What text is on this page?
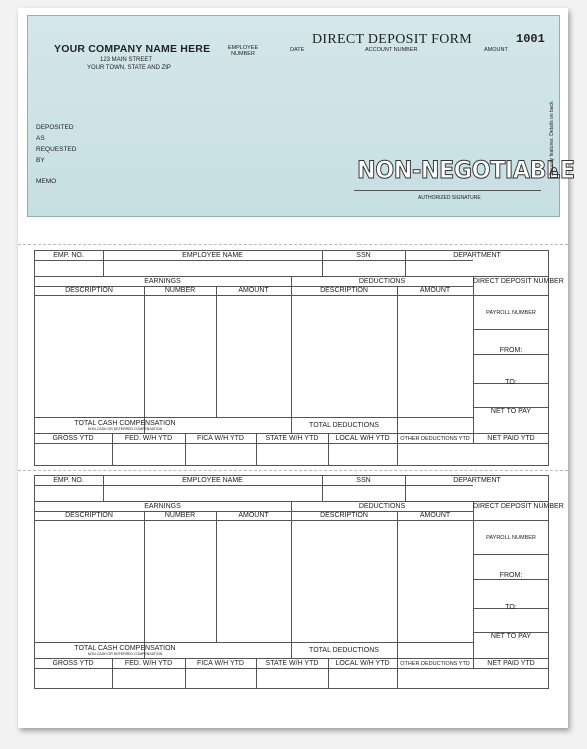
YOUR COMPANY NAME HERE
123 MAIN STREET
YOUR TOWN, STATE AND ZIP
EMPLOYEE NUMBER
DIRECT DEPOSIT FORM	1001
DATE	ACCOUNT NUMBER	AMOUNT
DEPOSITED
AS
REQUESTED
BY
MEMO	NON-NEGOTIABLE
AUTHORIZED SIGNATURE
Security features. Details on back.
EMP. NO.	EMPLOYEE NAME	SSN	DEPARTMENT
EARNINGS	DEDUCTIONS	DIRECT DEPOSIT NUMBER
DESCRIPTION	NUMBER	AMOUNT	DESCRIPTION	AMOUNT
PAYROLL NUMBER
FROM:
TO:
NET TO PAY
TOTAL CASH COMPENSATION
NON-CASH OR DEFERRED COMPENSATION	TOTAL DEDUCTIONS
GROSS YTD	FED. W/H YTD	FICA W/H YTD	STATE W/H YTD	LOCAL W/H YTD	OTHER DEDUCTIONS YTD	NET PAID YTD
EMP. NO.	EMPLOYEE NAME	SSN	DEPARTMENT
EARNINGS	DEDUCTIONS	DIRECT DEPOSIT NUMBER
DESCRIPTION	NUMBER	AMOUNT	DESCRIPTION	AMOUNT
PAYROLL NUMBER
FROM:
TO:
NET TO PAY
TOTAL CASH COMPENSATION
NON-CASH OR DEFERRED COMPENSATION	TOTAL DEDUCTIONS
GROSS YTD	FED. W/H YTD	FICA W/H YTD	STATE W/H YTD	LOCAL W/H YTD	OTHER DEDUCTIONS YTD	NET PAID YTD
